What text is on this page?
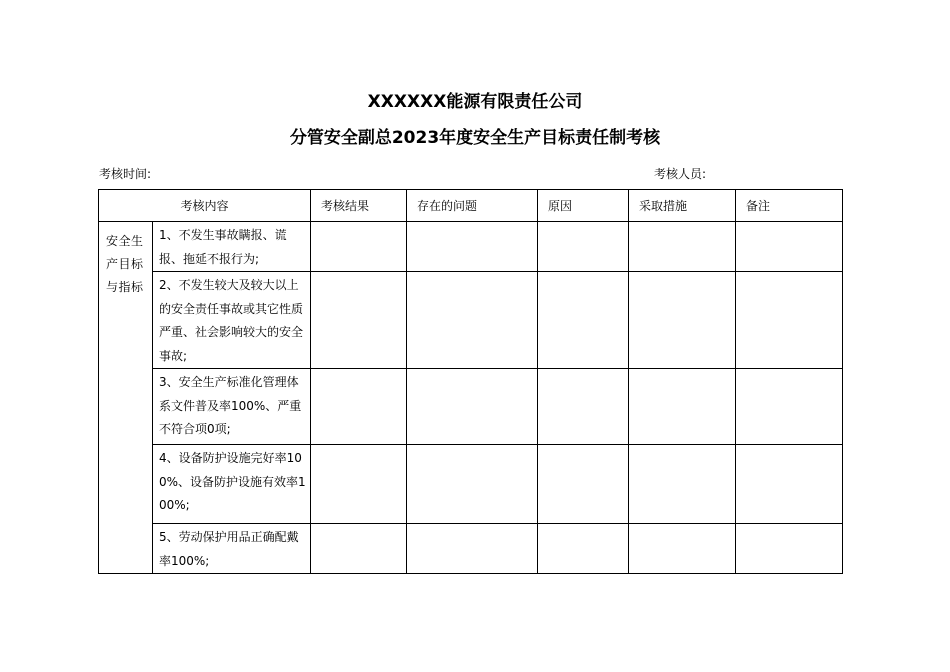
XXXXXX能源有限责任公司
分管安全副总2023年度安全生产目标责任制考核
考核时间:	考核人员:
考核内容		考核结果	存在的问题	原因	采取措施	备注
安全生产目标与指标	1、不发生事故瞒报、谎报、拖延不报行为;					
	2、不发生较大及较大以上的安全责任事故或其它性质严重、社会影响较大的安全事故;					
	3、安全生产标准化管理体系文件普及率100%、严重不符合项0项;					
	4、设备防护设施完好率100%、设备防护设施有效率100%;					
	5、劳动保护用品正确配戴率100%;					
